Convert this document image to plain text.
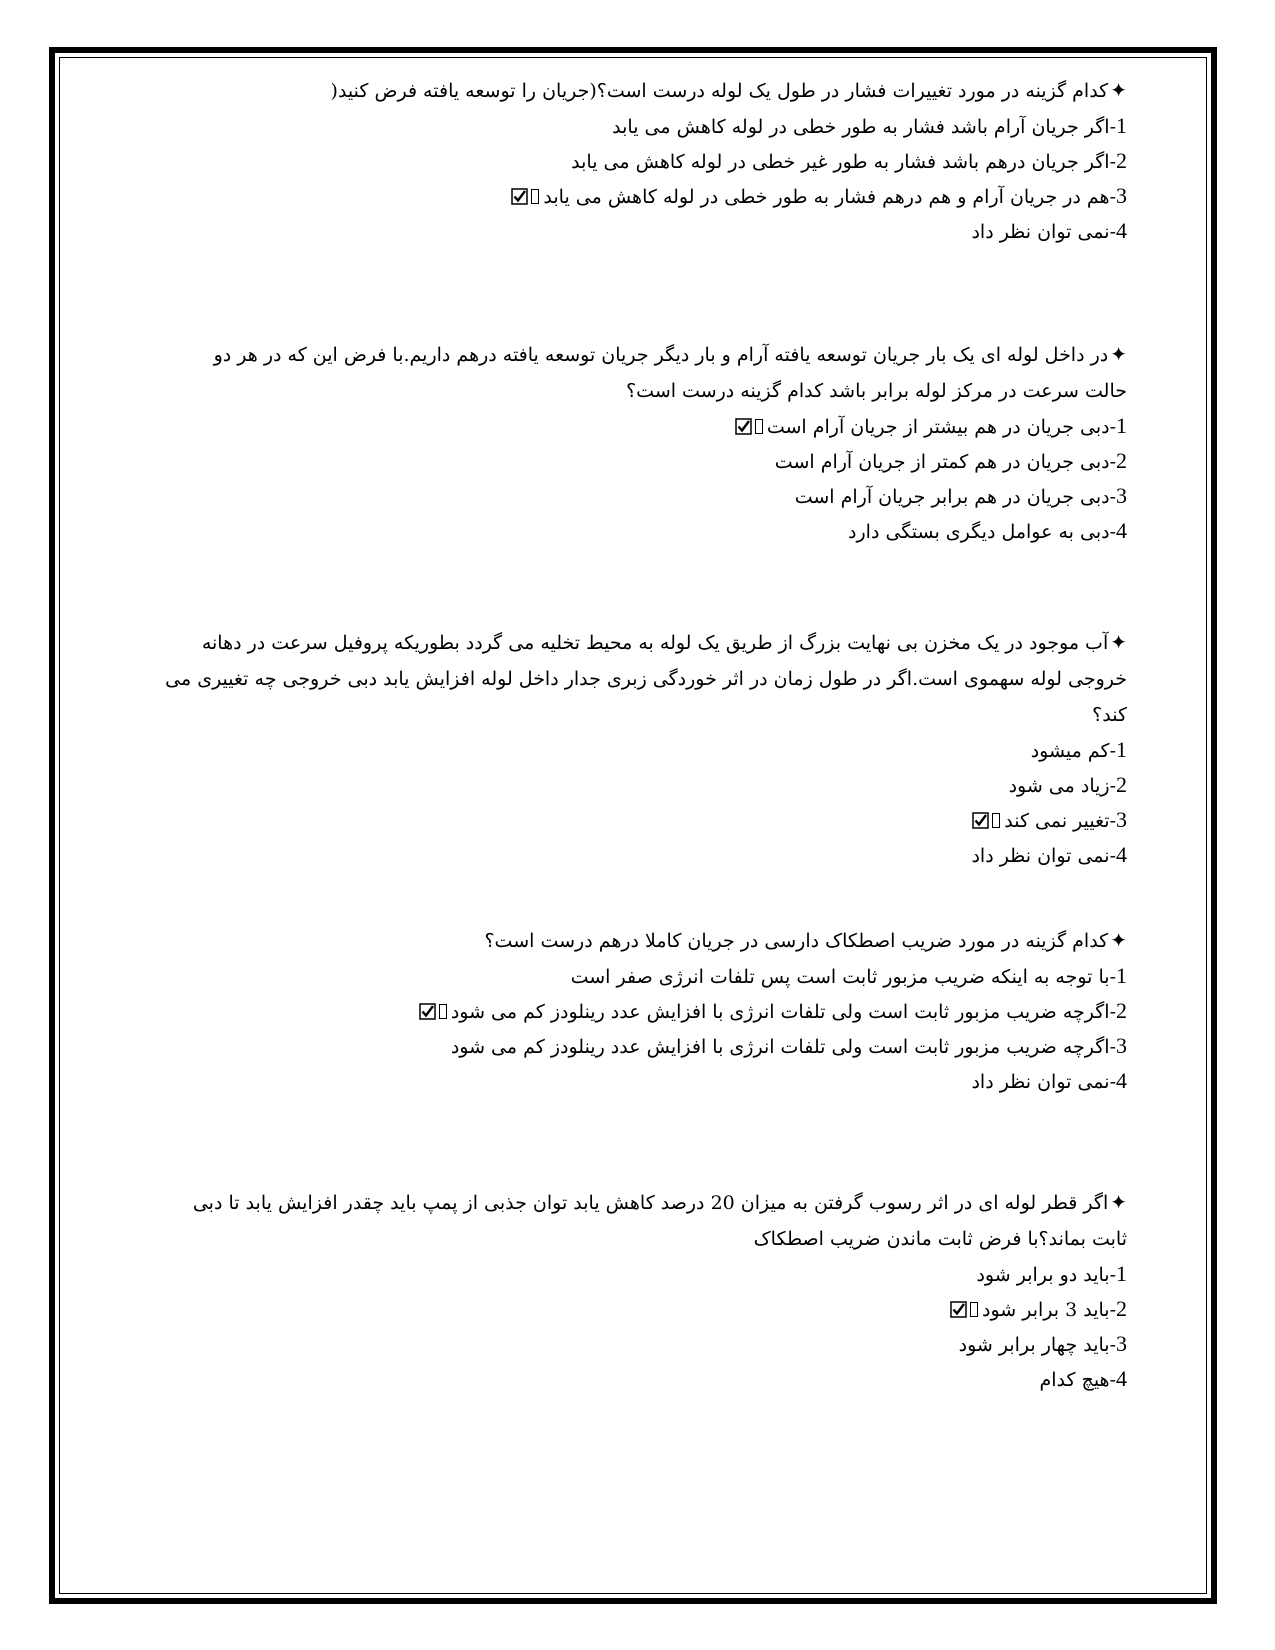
✦کدام گزینه در مورد تغییرات فشار در طول یک لوله درست است؟(جریان را توسعه یافته فرض کنید(
1-اگر جریان آرام باشد فشار به طور خطی در لوله کاهش می یابد
2-اگر جریان درهم باشد فشار به طور غیر خطی در لوله کاهش می یابد
3-هم در جریان آرام و هم درهم فشار به طور خطی در لوله کاهش می یابد
4-نمی توان نظر داد
✦در داخل لوله ای یک بار جریان توسعه یافته آرام و بار دیگر جریان توسعه یافته درهم داریم.با فرض این که در هر دو حالت سرعت در مرکز لوله برابر باشد کدام گزینه درست است؟
1-دبی جریان در هم بیشتر از جریان آرام است
2-دبی جریان در هم کمتر از جریان آرام است
3-دبی جریان در هم برابر جریان آرام است
4-دبی به عوامل دیگری بستگی دارد
✦آب موجود در یک مخزن بی نهایت بزرگ از طریق یک لوله به محیط تخلیه می گردد بطوریکه پروفیل سرعت در دهانه خروجی لوله سهموی است.اگر در طول زمان در اثر خوردگی زبری جدار داخل لوله افزایش یابد دبی خروجی چه تغییری می کند؟
1-کم میشود
2-زیاد می شود
3-تغییر نمی کند
4-نمی توان نظر داد
✦کدام گزینه در مورد ضریب اصطکاک دارسی در جریان کاملا درهم درست است؟
1-با توجه به اینکه ضریب مزبور ثابت است پس تلفات انرژی صفر است
2-اگرچه ضریب مزبور ثابت است ولی تلفات انرژی با افزایش عدد رینلودز کم می شود
3-اگرچه ضریب مزبور ثابت است ولی تلفات انرژی با افزایش عدد رینلودز کم می شود
4-نمی توان نظر داد
✦اگر قطر لوله ای در اثر رسوب گرفتن به میزان 20 درصد کاهش یابد توان جذبی از پمپ باید چقدر افزایش یابد تا دبی ثابت بماند؟با فرض ثابت ماندن ضریب اصطکاک
1-باید دو برابر شود
2-باید 3 برابر شود
3-باید چهار برابر شود
4-هیچ کدام
